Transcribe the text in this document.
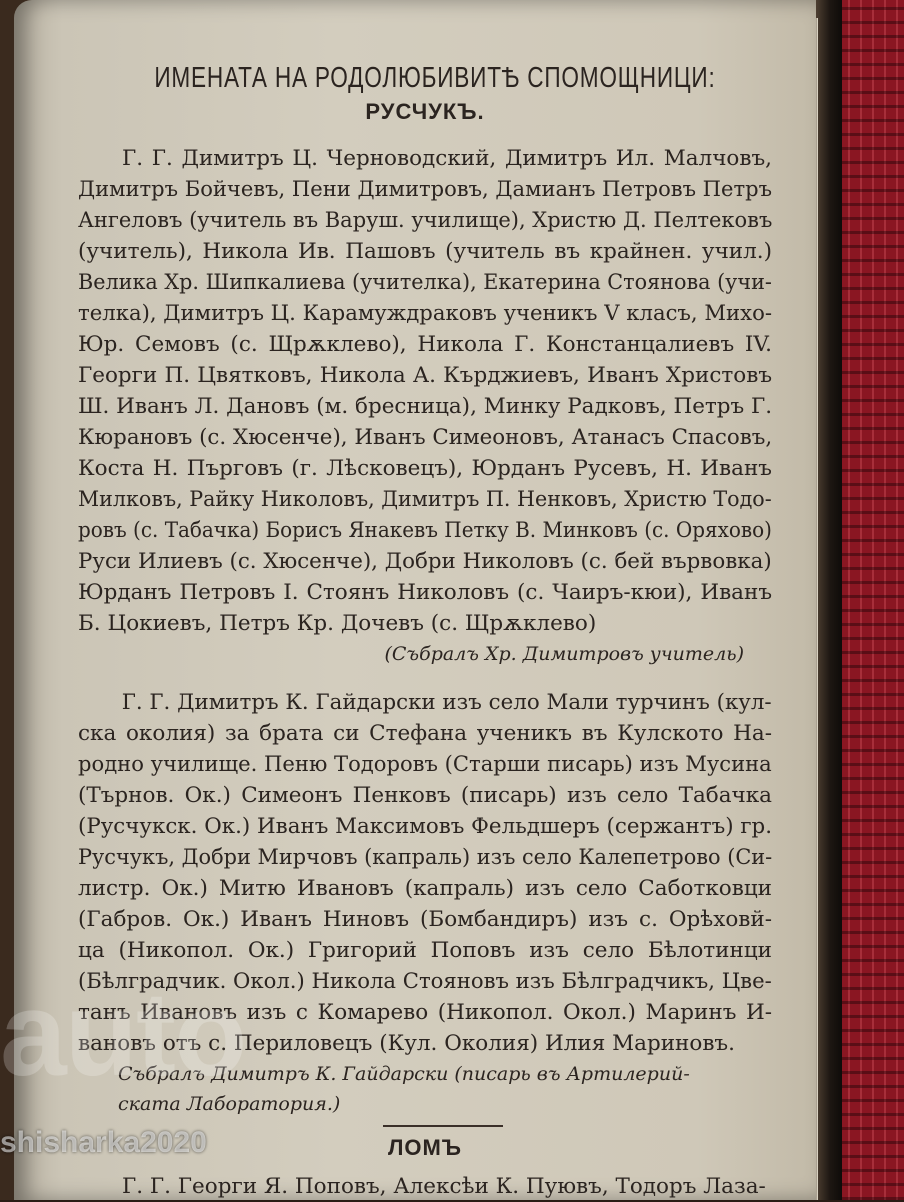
ИМЕНАТА НА РОДОЛЮБИВИТѢ СПОМОЩНИЦИ:
РУСЧУКЪ.
Г. Г. Димитръ Ц. Черноводский, Димитръ Ил. Малчовъ,
Димитръ Бойчевъ, Пени Димитровъ, Дамианъ Петровъ Петръ
Ангеловъ (учитель въ Варуш. училище), Христю Д. Пелтековъ
(учитель), Никола Ив. Пашовъ (учитель въ крайнен. учил.)
Велика Хр. Шипкалиева (учителка), Екатерина Стоянова (учи-
телка), Димитръ Ц. Карамуждраковъ ученикъ V класъ, Михо-
Юр. Семовъ (с. Щрѫклево), Никола Г. Констанцалиевъ IV.
Георги П. Цвятковъ, Никола А. Кърджиевъ, Иванъ Христовъ
Ш. Иванъ Л. Дановъ (м. бресница), Минку Радковъ, Петръ Г.
Кюрановъ (с. Хюсенче), Иванъ Симеоновъ, Атанасъ Спасовъ,
Коста Н. Пърговъ (г. Лѣсковецъ), Юрданъ Русевъ, Н. Иванъ
Милковъ, Райку Николовъ, Димитръ П. Ненковъ, Христю Тодо-
ровъ (с. Табачка) Борисъ Янакевъ Петку В. Минковъ (с. Оряхово)
Руси Илиевъ (с. Хюсенче), Добри Николовъ (с. бей вървовка)
Юрданъ Петровъ I. Стоянъ Николовъ (с. Чаиръ-кюи), Иванъ
Б. Цокиевъ, Петръ Кр. Дочевъ (с. Щрѫклево)
(Събралъ Хр. Димитровъ учитель)
Г. Г. Димитръ К. Гайдарски изъ село Мали турчинъ (кул-
ска околия) за брата си Стефана ученикъ въ Кулското На-
родно училище. Пеню Тодоровъ (Старши писарь) изъ Мусина
(Търнов. Ок.) Симеонъ Пенковъ (писарь) изъ село Табачка
(Русчукск. Ок.) Иванъ Максимовъ Фельдшеръ (сержантъ) гр.
Русчукъ, Добри Мирчовъ (капраль) изъ село Калепетрово (Си-
листр. Ок.) Митю Ивановъ (капраль) изъ село Саботковци
(Габров. Ок.) Иванъ Ниновъ (Бомбандиръ) изъ с. Орѣховй-
ца (Никопол. Ок.) Григорий Поповъ изъ село Бѣлотинци
(Бѣлградчик. Окол.) Никола Стояновъ изъ Бѣлградчикъ, Цве-
танъ Ивановъ изъ с Комарево (Никопол. Окол.) Маринъ И-
вановъ отъ с. Периловецъ (Кул. Околия) Илия Мариновъ.
Събралъ Димитръ К. Гайдарски (писарь въ Артилерий-
ската Лаборатория.)
ЛОМЪ
Г. Г. Георги Я. Поповъ, Алексѣи К. Пуювъ, Тодоръ Лаза-
auto
shisharka2020
